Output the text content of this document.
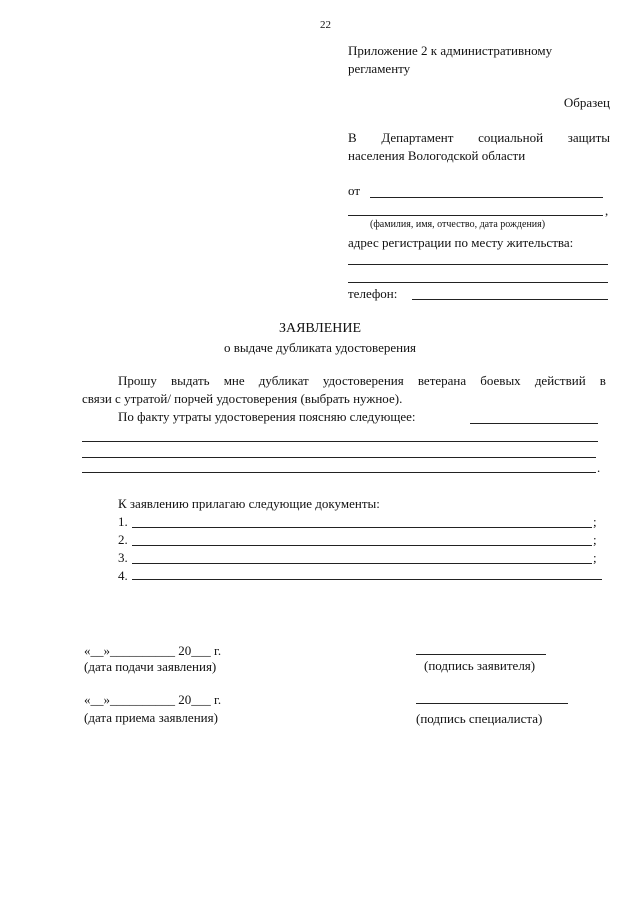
22
Приложение 2 к административному
регламенту
Образец
В Департамент социальной защиты
населения Вологодской области
от
,
(фамилия, имя, отчество, дата рождения)
адрес регистрации по месту жительства:
телефон:
ЗАЯВЛЕНИЕ
о выдаче дубликата удостоверения
Прошу выдать мне дубликат удостоверения ветерана боевых действий в
связи с утратой/ порчей удостоверения (выбрать нужное).
По факту утраты удостоверения поясняю следующее:
.
К заявлению прилагаю следующие документы:
1.	;
2.	;
3.	;
4.
«__»__________ 20___ г.
(дата подачи заявления)	(подпись заявителя)
«__»__________ 20___ г.
(дата приема заявления)	(подпись специалиста)
